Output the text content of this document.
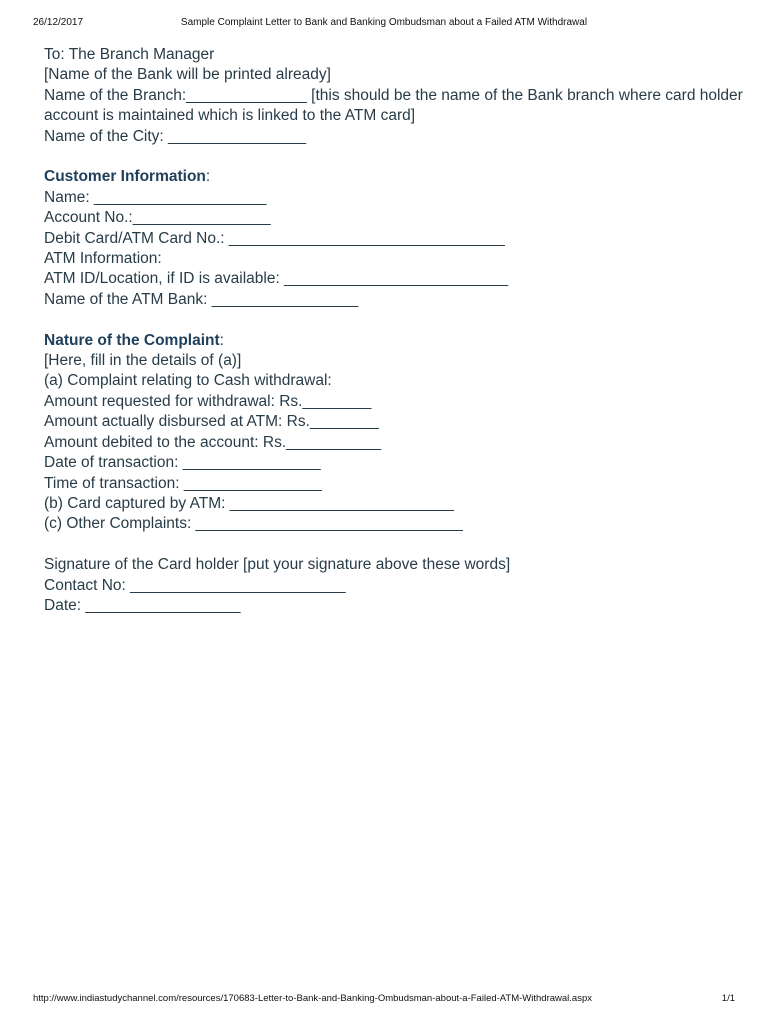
26/12/2017	Sample Complaint Letter to Bank and Banking Ombudsman about a Failed ATM Withdrawal
To: The Branch Manager
[Name of the Bank will be printed already]
Name of the Branch:______________ [this should be the name of the Bank branch where card holder account is maintained which is linked to the ATM card]
Name of the City: ________________
Customer Information:
Name: ____________________
Account No.:________________
Debit Card/ATM Card No.: ________________________________
ATM Information:
ATM ID/Location, if ID is available: __________________________
Name of the ATM Bank: _________________
Nature of the Complaint:
[Here, fill in the details of (a)]
(a) Complaint relating to Cash withdrawal:
Amount requested for withdrawal: Rs.________
Amount actually disbursed at ATM: Rs.________
Amount debited to the account: Rs.___________
Date of transaction: ________________
Time of transaction: ________________
(b) Card captured by ATM: __________________________
(c) Other Complaints: _______________________________
Signature of the Card holder [put your signature above these words]
Contact No: _________________________
Date: __________________
http://www.indiastudychannel.com/resources/170683-Letter-to-Bank-and-Banking-Ombudsman-about-a-Failed-ATM-Withdrawal.aspx	1/1
